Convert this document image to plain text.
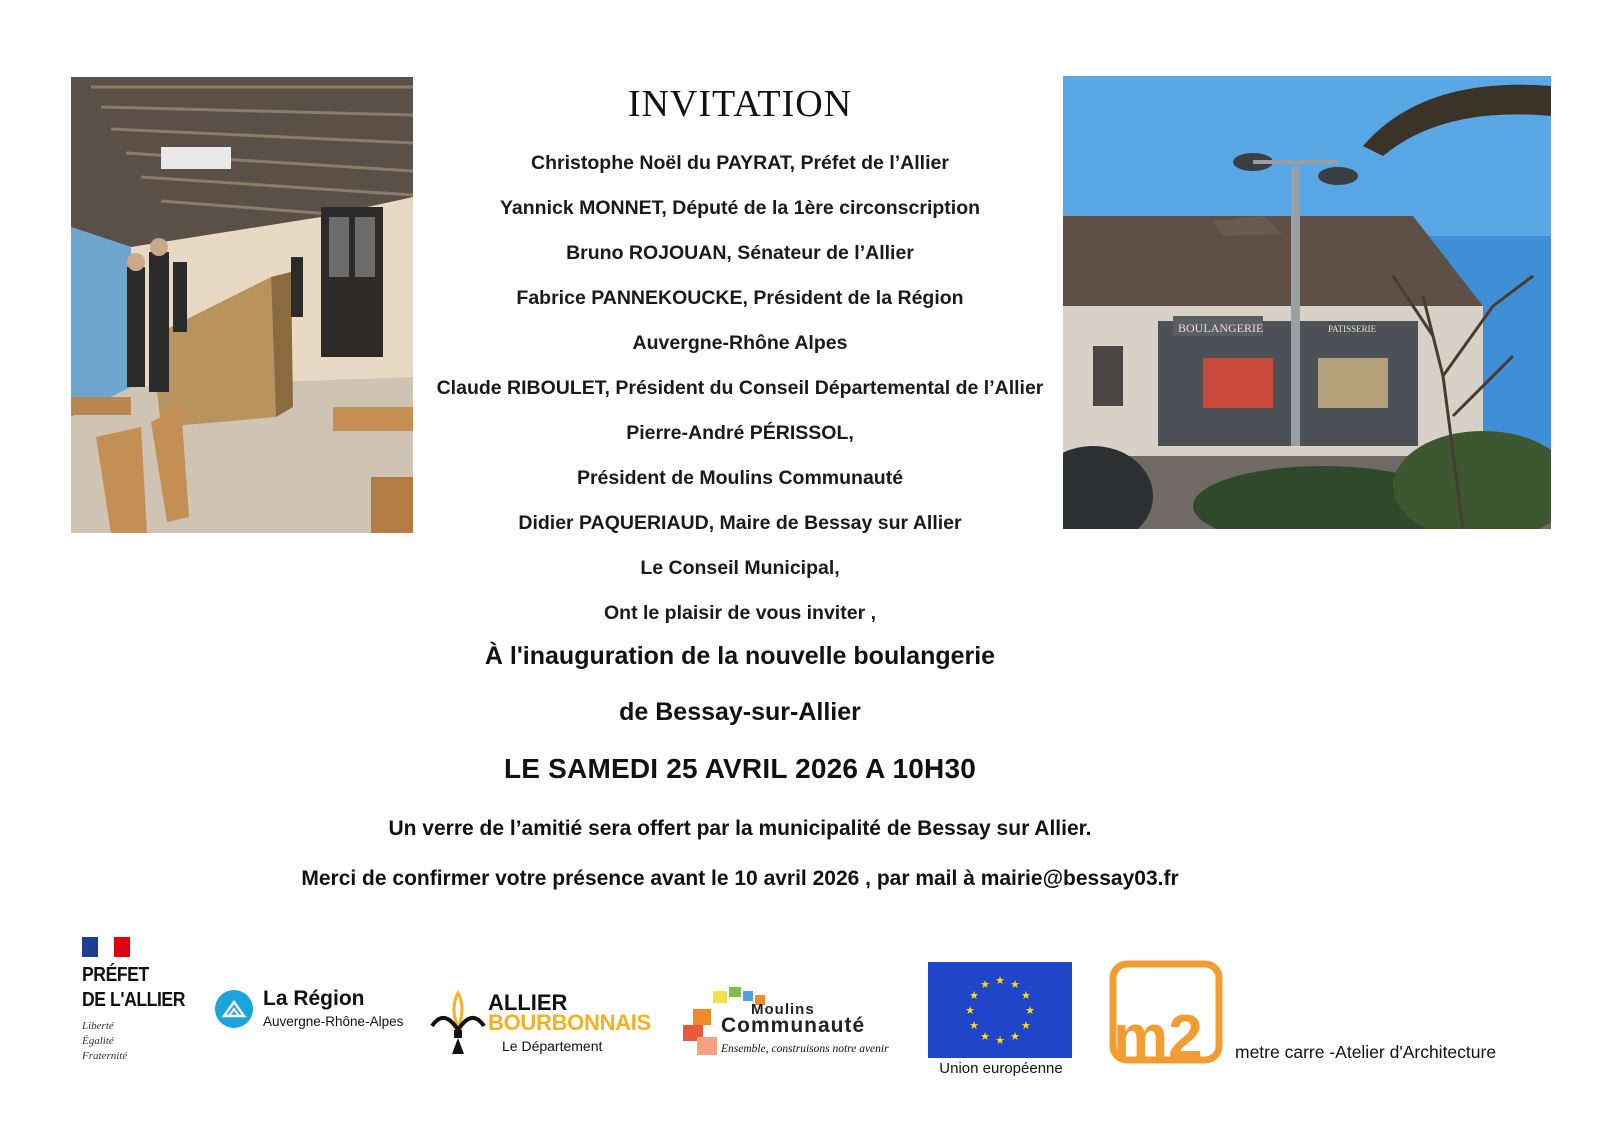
BOULANGERIE	PATISSERIE
INVITATION
Christophe Noël du PAYRAT, Préfet de l’Allier
Yannick MONNET, Député de la 1ère circonscription
Bruno ROJOUAN, Sénateur de l’Allier
Fabrice PANNEKOUCKE, Président de la Région
Auvergne-Rhône Alpes
Claude RIBOULET, Président du Conseil Départemental de l’Allier
Pierre-André PÉRISSOL,
Président de Moulins Communauté
Didier PAQUERIAUD, Maire de Bessay sur Allier
Le Conseil Municipal,
Ont le plaisir de vous inviter ,
À l'inauguration de la nouvelle boulangerie
de Bessay-sur-Allier
LE SAMEDI 25 AVRIL 2026 A 10H30
Un verre de l’amitié sera offert par la municipalité de Bessay sur Allier.
Merci de confirmer votre présence avant le 10 avril 2026 , par mail à mairie@bessay03.fr
PRÉFET
DE L'ALLIER
Liberté
Égalité
Fraternité
La Région
Auvergne-Rhône-Alpes
ALLIER
BOURBONNAIS
Le Département
Moulins
Communauté
Ensemble, construisons notre avenir
★ ★
★
★
★
★
★
★
★
★
★
★
Union européenne m2 metre carre -Atelier d'Architecture
